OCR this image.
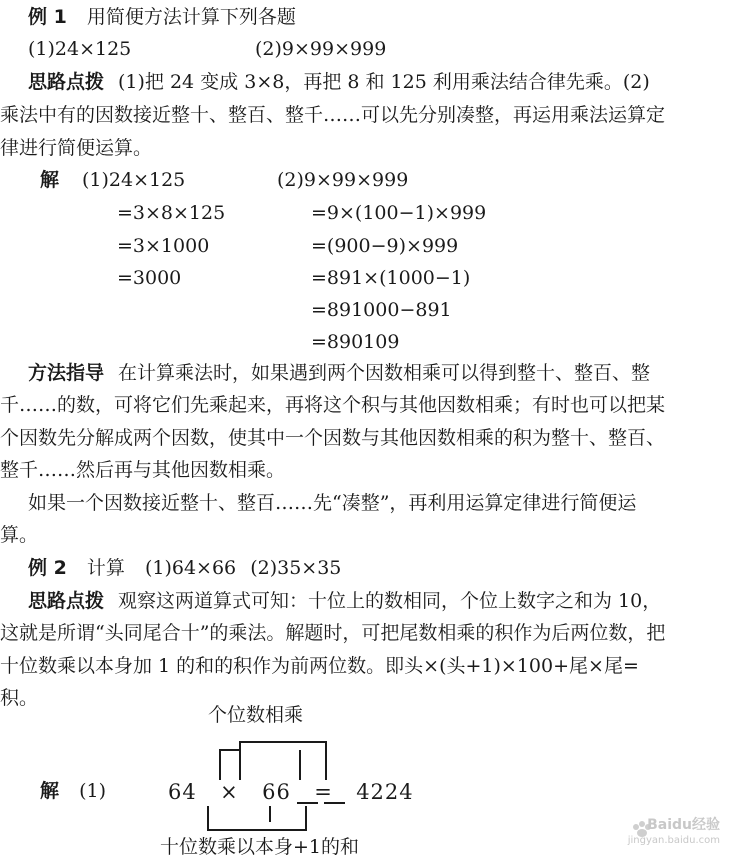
例 1 用简便方法计算下列各题
(1)24×125	(2)9×99×999
思路点拨 (1)把 24 变成 3×8，再把 8 和 125 利用乘法结合律先乘。(2)
乘法中有的因数接近整十、整百、整千……可以先分别凑整，再运用乘法运算定
律进行简便运算。
解 (1)24×125
=3×8×125
=3×1000
=3000
(2)9×99×999
=9×(100−1)×999
=(900−9)×999
=891×(1000−1)
=891000−891
=890109
方法指导 在计算乘法时，如果遇到两个因数相乘可以得到整十、整百、整
千……的数，可将它们先乘起来，再将这个积与其他因数相乘；有时也可以把某
个因数先分解成两个因数，使其中一个因数与其他因数相乘的积为整十、整百、
整千……然后再与其他因数相乘。
如果一个因数接近整十、整百……先“凑整”，再利用运算定律进行简便运
算。
例 2 计算 (1)64×66 (2)35×35
思路点拨 观察这两道算式可知：十位上的数相同，个位上数字之和为 10，
这就是所谓“头同尾合十”的乘法。解题时，可把尾数相乘的积作为后两位数，把
十位数乘以本身加 1 的和的积作为前两位数。即头×(头+1)×100+尾×尾=
积。
个位数相乘
解 (1)	64 × 66 = 4224
十位数乘以本身+1的和
Baidu经验
jingyan.baidu.com
